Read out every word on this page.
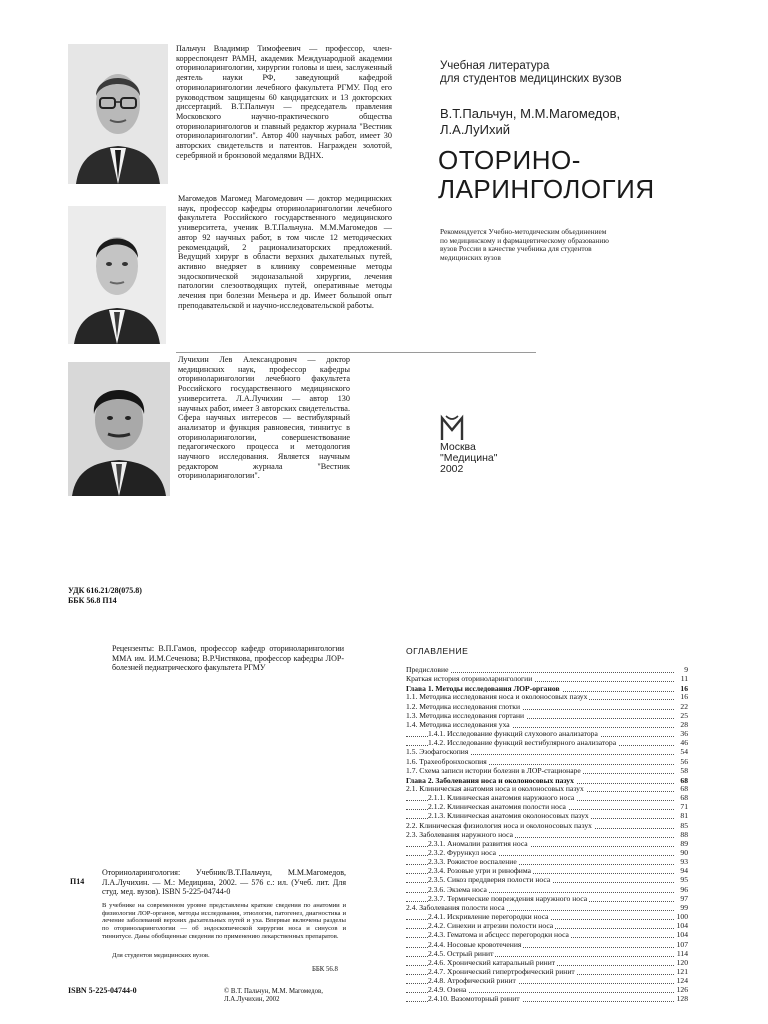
Пальчун Владимир Тимофеевич — профессор, член-корреспондент РАМН, академик Международной академии оториноларингологии, хирургии головы и шеи, заслуженный деятель науки РФ, заведующий кафедрой оториноларингологии лечебного факультета РГМУ. Под его руководством защищены 60 кандидатских и 13 докторских диссертаций. В.Т.Пальчун — председатель правления Московского научно-практического общества оториноларингологов и главный редактор журнала "Вестник оториноларингологии". Автор 400 научных работ, имеет 30 авторских свидетельств и патентов. Награжден золотой, серебряной и бронзовой медалями ВДНХ.
Магомедов Магомед Магомедович — доктор медицинских наук, профессор кафедры оториноларингологии лечебного факультета Российского государственного медицинского университета, ученик В.Т.Пальчуна. М.М.Магомедов — автор 92 научных работ, в том числе 12 методических рекомендаций, 2 рационализаторских предложений. Ведущий хирург в области верхних дыхательных путей, активно внедряет в клинику современные методы эндоскопической эндоназальной хирургии, лечения патологии слезоотводящих путей, оперативные методы лечения при болезни Меньера и др. Имеет большой опыт преподавательской и научно-исследовательской работы.
Лучихин Лев Александрович — доктор медицинских наук, профессор кафедры оториноларингологии лечебного факультета Российского государственного медицинского университета. Л.А.Лучихин — автор 130 научных работ, имеет 3 авторских свидетельства. Сфера научных интересов — вестибулярный анализатор и функция равновесия, тиннитус в оториноларингологии, совершенствование педагогического процесса и методология научного исследования. Является научным редактором журнала "Вестник оториноларингологии".
Учебная литература
для студентов медицинских вузов
В.Т.Пальчун, М.М.Магомедов,
Л.А.ЛуИхий
ОТОРИНО-
ЛАРИНГОЛОГИЯ
Рекомендуется Учебно-методическим объединением
по медицинскому и фармацевтическому образованию
вузов России в качестве учебника для студентов
медицинских вузов
Москва
"Медицина"
2002
УДК 616.21/28(075.8)
ББК 56.8 П14
Рецензенты: В.П.Гамов, профессор кафедр оториноларингологии ММА им. И.М.Сеченова; В.Р.Чистякова, профессор кафедры ЛОР-болезней педиатрического факультета РГМУ
Оториноларингология: Учебник/В.Т.Пальчун, М.М.Магомедов, Л.А.Лучихин. — М.: Медицина, 2002. — 576 с.: ил. (Учеб. лит. Для студ. мед. вузов). ISBN 5-225-04744-0
П14
В учебнике на современном уровне представлены краткие сведения по анатомии и физиологии ЛОР-органов, методы исследования, этиология, патогенез, диагностика и лечение заболеваний верхних дыхательных путей и уха. Впервые включены разделы по оториноларингологии — об эндоскопической хирургии носа и синусов и тиннитусе. Даны обобщенные сведения по применению лекарственных препаратов.
Для студентов медицинских вузов.
ББК 56.8
ISBN 5-225-04744-0	© В.Т. Пальчун, М.М. Магомедов,
Л.А.Лучихин, 2002
ОГЛАВЛЕНИЕ
Предисловие	9
Краткая история оториноларингологии	11
Глава 1. Методы исследования ЛОР-органов	16
1.1. Методика исследования носа и околоносовых пазух	16
1.2. Методика исследования глотки	22
1.3. Методика исследования гортани	25
1.4. Методика исследования уха	28
1.4.1. Исследование функций слухового анализатора	36
1.4.2. Исследование функций вестибулярного анализатора	46
1.5. Эзофагоскопия	54
1.6. Трахеобронхоскопия	56
1.7. Схема записи истории болезни в ЛОР-стационаре	58
Глава 2. Заболевания носа и околоносовых пазух	68
2.1. Клиническая анатомия носа и околоносовых пазух	68
2.1.1. Клиническая анатомия наружного носа	68
2.1.2. Клиническая анатомия полости носа	71
2.1.3. Клиническая анатомия околоносовых пазух	81
2.2. Клиническая физиология носа и околоносовых пазух	85
2.3. Заболевания наружного носа	88
2.3.1. Аномалии развития носа	89
2.3.2. Фурункул носа	90
2.3.3. Рожистое воспаление	93
2.3.4. Розовые угри и ринофима	94
2.3.5. Сикоз преддверия полости носа	95
2.3.6. Экзема носа	96
2.3.7. Термические повреждения наружного носа	97
2.4. Заболевания полости носа	99
2.4.1. Искривление перегородки носа	100
2.4.2. Синехии и атрезии полости носа	104
2.4.3. Гематома и абсцесс перегородки носа	104
2.4.4. Носовые кровотечения	107
2.4.5. Острый ринит	114
2.4.6. Хронический катаральный ринит	120
2.4.7. Хронический гипертрофический ринит	121
2.4.8. Атрофический ринит	124
2.4.9. Озена	126
2.4.10. Вазомоторный ринит	128
